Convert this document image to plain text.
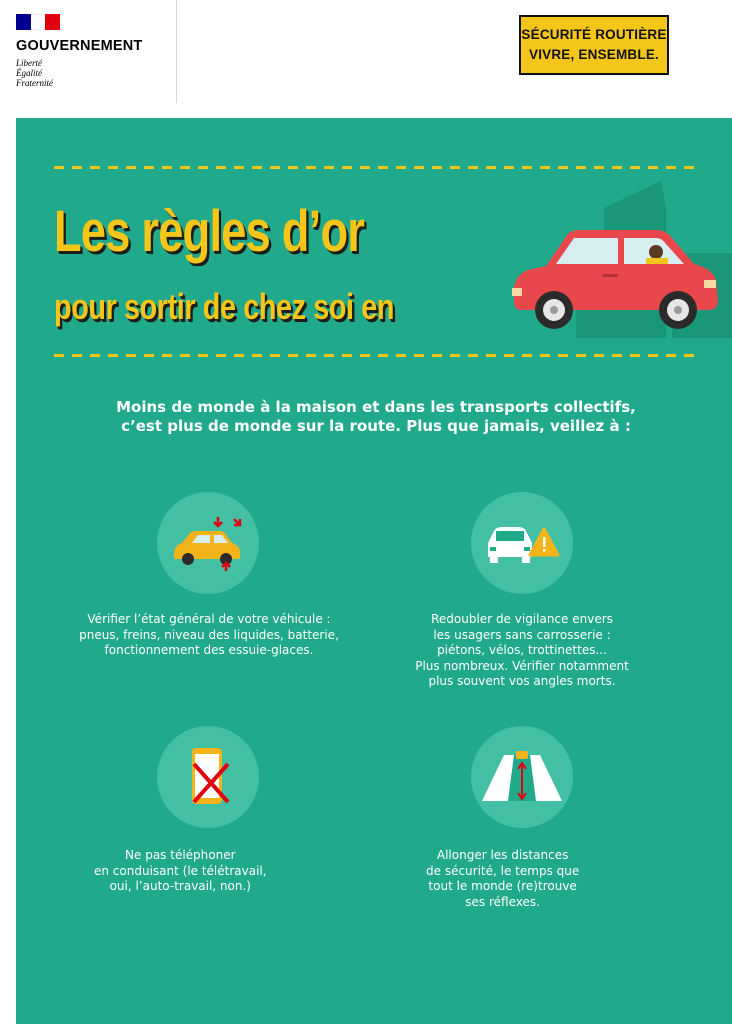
GOUVERNEMENT
Liberté
Égalité
Fraternité
SÉCURITÉ ROUTIÈRE
VIVRE, ENSEMBLE.
Les règles d’or
pour sortir de chez soi en
Moins de monde à la maison et dans les transports collectifs,
c’est plus de monde sur la route. Plus que jamais, veillez à :
Vérifier l’état général de votre véhicule :
pneus, freins, niveau des liquides, batterie,
fonctionnement des essuie-glaces.
Redoubler de vigilance envers
les usagers sans carrosserie :
piétons, vélos, trottinettes...
Plus nombreux. Vérifier notamment
plus souvent vos angles morts.
Ne pas téléphoner
en conduisant (le télétravail,
oui, l’auto-travail, non.)
Allonger les distances
de sécurité, le temps que
tout le monde (re)trouve
ses réflexes.
